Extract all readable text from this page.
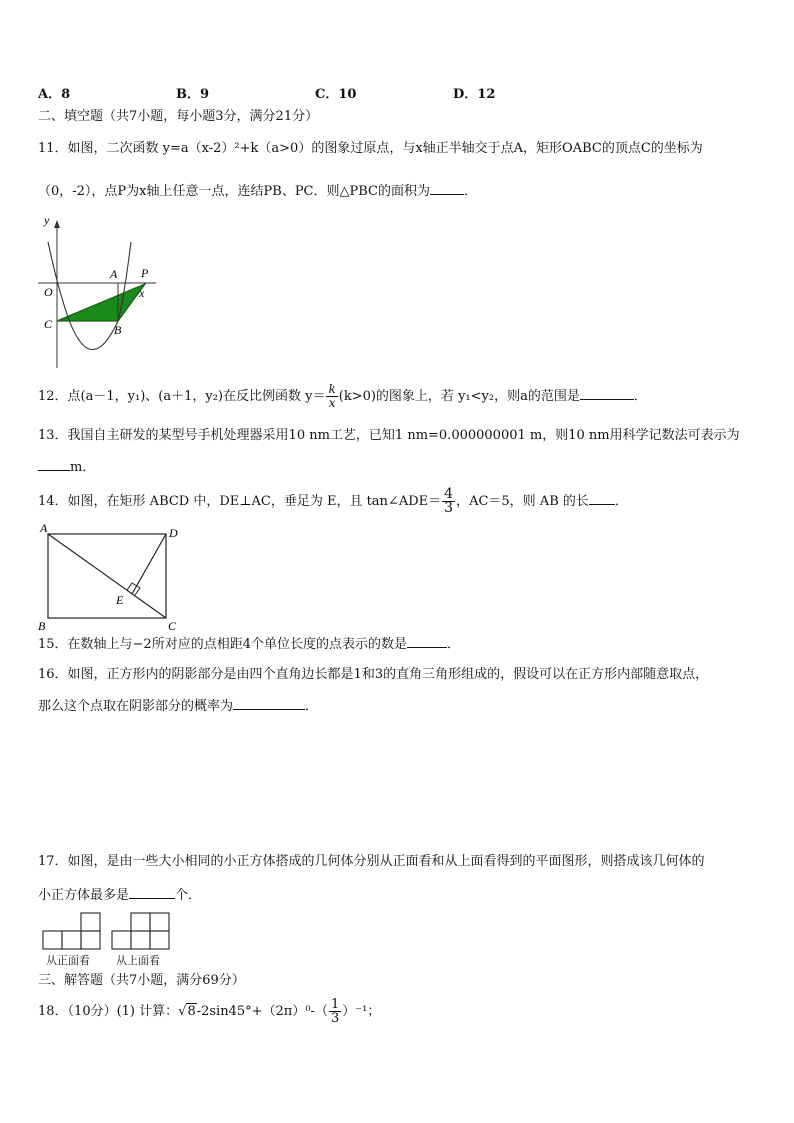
A．8	B．9	C．10	D．12
二、填空题（共7小题，每小题3分，满分21分）
11．如图，二次函数 y=a（x-2）²+k（a>0）的图象过原点，与x轴正半轴交于点A，矩形OABC的顶点C的坐标为
（0，-2），点P为x轴上任意一点，连结PB、PC．则△PBC的面积为	．
y
O
A P
x
C	B
12．点(a－1，y₁)、(a＋1，y₂)在反比例函数 $y= \frac{k}{x} (k>0)$的图象上，若 y₁<y₂，则a的范围是	．
13．我国自主研发的某型号手机处理器采用10 nm工艺，已知1 nm=0.000000001 m，则10 nm用科学记数法可表示为
m．
14．如图，在矩形 ABCD 中，DE⊥AC，垂足为 E，且 tan∠ADE＝ $\frac{4}{3}$ ，AC＝5，则 AB 的长 ．
A	D
B	C
E
15．在数轴上与−2所对应的点相距4个单位长度的点表示的数是	．
16．如图，正方形内的阴影部分是由四个直角边长都是1和3的直角三角形组成的，假设可以在正方形内部随意取点，
那么这个点取在阴影部分的概率为	．
17．如图，是由一些大小相同的小正方体搭成的几何体分别从正面看和从上面看得到的平面图形，则搭成该几何体的
小正方体最多是	个．
从正面看 从上面看
三、解答题（共7小题，满分69分）
18．（10分）(1) 计算：$√8-2\sin 45^\circ+(2\pi)^0-( \frac{1}{3} )^{-1}$；
